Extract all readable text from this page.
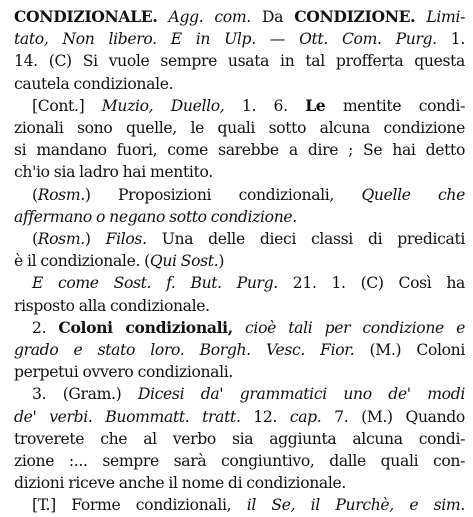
CONDIZIONALE. Agg. com. Da CONDIZIONE. Limi-
tato, Non libero. E in Ulp. — Ott. Com. Purg. 1.
14. (C) Si vuole sempre usata in tal profferta questa
cautela condizionale.
[Cont.] Muzio, Duello, 1. 6. Le mentite condi-
zionali sono quelle, le quali sotto alcuna condizione
si mandano fuori, come sarebbe a dire ; Se hai detto
ch'io sia ladro hai mentito.
(Rosm.) Proposizioni condizionali, Quelle che
affermano o negano sotto condizione.
(Rosm.) Filos. Una delle dieci classi di predicati
è il condizionale. (Qui Sost.)
E come Sost. f. But. Purg. 21. 1. (C) Così ha
risposto alla condizionale.
2. Coloni condizionali, cioè tali per condizione e
grado e stato loro. Borgh. Vesc. Fior. (M.) Coloni
perpetui ovvero condizionali.
3. (Gram.) Dicesi da' grammatici uno de' modi
de' verbi. Buommatt. tratt. 12. cap. 7. (M.) Quando
troverete che al verbo sia aggiunta alcuna condi-
zione :... sempre sarà congiuntivo, dalle quali con-
dizioni riceve anche il nome di condizionale.
[T.] Forme condizionali, il Se, il Purchè, e sim.
